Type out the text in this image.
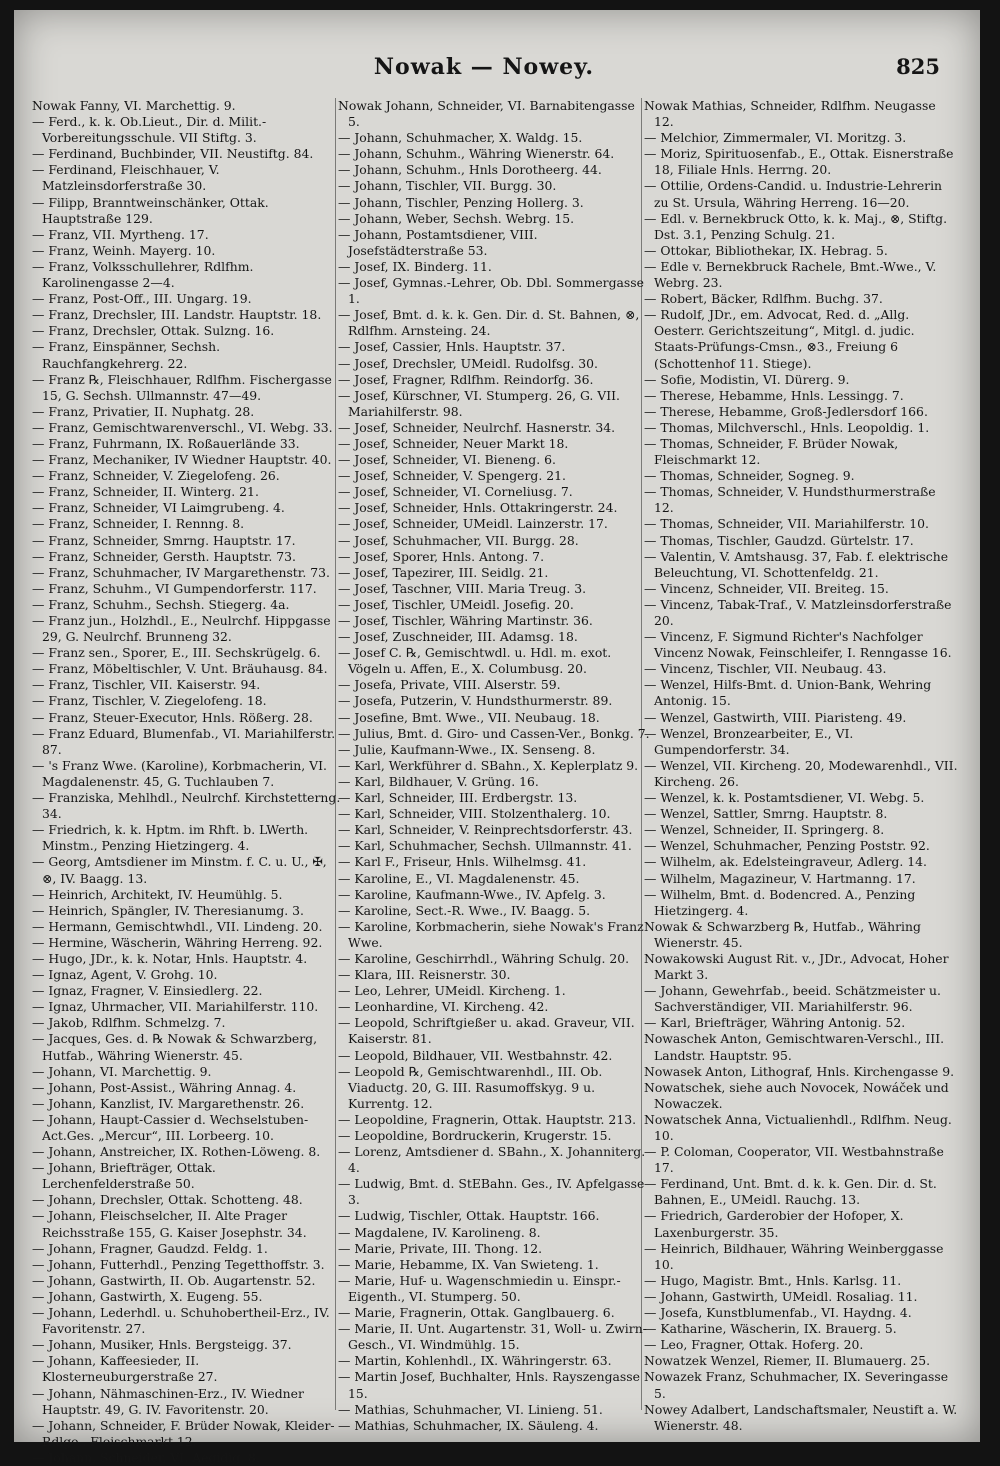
Nowak — Nowey.	825
Nowak Fanny, VI. Marchettig. 9.
— Ferd., k. k. Ob.Lieut., Dir. d. Milit.-Vorbereitungsschule. VII Stiftg. 3.
— Ferdinand, Buchbinder, VII. Neustiftg. 84.
— Ferdinand, Fleischhauer, V. Matzleinsdorferstraße 30.
— Filipp, Branntweinschänker, Ottak. Hauptstraße 129.
— Franz, VII. Myrtheng. 17.
— Franz, Weinh. Mayerg. 10.
— Franz, Volksschullehrer, Rdlfhm. Karolinengasse 2—4.
— Franz, Post-Off., III. Ungarg. 19.
— Franz, Drechsler, III. Landstr. Hauptstr. 18.
— Franz, Drechsler, Ottak. Sulzng. 16.
— Franz, Einspänner, Sechsh. Rauchfangkehrerg. 22.
— Franz ℞, Fleischhauer, Rdlfhm. Fischergasse 15, G. Sechsh. Ullmannstr. 47—49.
— Franz, Privatier, II. Nuphatg. 28.
— Franz, Gemischtwarenverschl., VI. Webg. 33.
— Franz, Fuhrmann, IX. Roßauerlände 33.
— Franz, Mechaniker, IV Wiedner Hauptstr. 40.
— Franz, Schneider, V. Ziegelofeng. 26.
— Franz, Schneider, II. Winterg. 21.
— Franz, Schneider, VI Laimgrubeng. 4.
— Franz, Schneider, I. Rennng. 8.
— Franz, Schneider, Smrng. Hauptstr. 17.
— Franz, Schneider, Gersth. Hauptstr. 73.
— Franz, Schuhmacher, IV Margarethenstr. 73.
— Franz, Schuhm., VI Gumpendorferstr. 117.
— Franz, Schuhm., Sechsh. Stiegerg. 4a.
— Franz jun., Holzhdl., E., Neulrchf. Hippgasse 29, G. Neulrchf. Brunneng 32.
— Franz sen., Sporer, E., III. Sechskrügelg. 6.
— Franz, Möbeltischler, V. Unt. Bräuhausg. 84.
— Franz, Tischler, VII. Kaiserstr. 94.
— Franz, Tischler, V. Ziegelofeng. 18.
— Franz, Steuer-Executor, Hnls. Rößerg. 28.
— Franz Eduard, Blumenfab., VI. Mariahilferstr. 87.
— 's Franz Wwe. (Karoline), Korbmacherin, VI. Magdalenenstr. 45, G. Tuchlauben 7.
— Franziska, Mehlhdl., Neulrchf. Kirchstetterng. 34.
— Friedrich, k. k. Hptm. im Rhft. b. LWerth. Minstm., Penzing Hietzingerg. 4.
— Georg, Amtsdiener im Minstm. f. C. u. U., ✠, ⊗, IV. Baagg. 13.
— Heinrich, Architekt, IV. Heumühlg. 5.
— Heinrich, Spängler, IV. Theresianumg. 3.
— Hermann, Gemischtwhdl., VII. Lindeng. 20.
— Hermine, Wäscherin, Währing Herreng. 92.
— Hugo, JDr., k. k. Notar, Hnls. Hauptstr. 4.
— Ignaz, Agent, V. Grohg. 10.
— Ignaz, Fragner, V. Einsiedlerg. 22.
— Ignaz, Uhrmacher, VII. Mariahilferstr. 110.
— Jakob, Rdlfhm. Schmelzg. 7.
— Jacques, Ges. d. ℞ Nowak & Schwarzberg, Hutfab., Währing Wienerstr. 45.
— Johann, VI. Marchettig. 9.
— Johann, Post-Assist., Währing Annag. 4.
— Johann, Kanzlist, IV. Margarethenstr. 26.
— Johann, Haupt-Cassier d. Wechselstuben-Act.Ges. „Mercur“, III. Lorbeerg. 10.
— Johann, Anstreicher, IX. Rothen-Löweng. 8.
— Johann, Briefträger, Ottak. Lerchenfelderstraße 50.
— Johann, Drechsler, Ottak. Schotteng. 48.
— Johann, Fleischselcher, II. Alte Prager Reichsstraße 155, G. Kaiser Josephstr. 34.
— Johann, Fragner, Gaudzd. Feldg. 1.
— Johann, Futterhdl., Penzing Tegetthoffstr. 3.
— Johann, Gastwirth, II. Ob. Augartenstr. 52.
— Johann, Gastwirth, X. Eugeng. 55.
— Johann, Lederhdl. u. Schuhobertheil-Erz., IV. Favoritenstr. 27.
— Johann, Musiker, Hnls. Bergsteigg. 37.
— Johann, Kaffeesieder, II. Klosterneuburgerstraße 27.
— Johann, Nähmaschinen-Erz., IV. Wiedner Hauptstr. 49, G. IV. Favoritenstr. 20.
— Johann, Schneider, F. Brüder Nowak, Kleider-Rdlge., Fleischmarkt 12.
— Johann, Schneider, VI. Aegidig. 8.
Nowak Johann, Schneider, VI. Barnabitengasse 5.
— Johann, Schuhmacher, X. Waldg. 15.
— Johann, Schuhm., Währing Wienerstr. 64.
— Johann, Schuhm., Hnls Dorotheerg. 44.
— Johann, Tischler, VII. Burgg. 30.
— Johann, Tischler, Penzing Hollerg. 3.
— Johann, Weber, Sechsh. Webrg. 15.
— Johann, Postamtsdiener, VIII. Josefstädterstraße 53.
— Josef, IX. Binderg. 11.
— Josef, Gymnas.-Lehrer, Ob. Dbl. Sommergasse 1.
— Josef, Bmt. d. k. k. Gen. Dir. d. St. Bahnen, ⊗, Rdlfhm. Arnsteing. 24.
— Josef, Cassier, Hnls. Hauptstr. 37.
— Josef, Drechsler, UMeidl. Rudolfsg. 30.
— Josef, Fragner, Rdlfhm. Reindorfg. 36.
— Josef, Kürschner, VI. Stumperg. 26, G. VII. Mariahilferstr. 98.
— Josef, Schneider, Neulrchf. Hasnerstr. 34.
— Josef, Schneider, Neuer Markt 18.
— Josef, Schneider, VI. Bieneng. 6.
— Josef, Schneider, V. Spengerg. 21.
— Josef, Schneider, VI. Corneliusg. 7.
— Josef, Schneider, Hnls. Ottakringerstr. 24.
— Josef, Schneider, UMeidl. Lainzerstr. 17.
— Josef, Schuhmacher, VII. Burgg. 28.
— Josef, Sporer, Hnls. Antong. 7.
— Josef, Tapezirer, III. Seidlg. 21.
— Josef, Taschner, VIII. Maria Treug. 3.
— Josef, Tischler, UMeidl. Josefig. 20.
— Josef, Tischler, Währing Martinstr. 36.
— Josef, Zuschneider, III. Adamsg. 18.
— Josef C. ℞, Gemischtwdl. u. Hdl. m. exot. Vögeln u. Affen, E., X. Columbusg. 20.
— Josefa, Private, VIII. Alserstr. 59.
— Josefa, Putzerin, V. Hundsthurmerstr. 89.
— Josefine, Bmt. Wwe., VII. Neubaug. 18.
— Julius, Bmt. d. Giro- und Cassen-Ver., Bonkg. 7.
— Julie, Kaufmann-Wwe., IX. Senseng. 8.
— Karl, Werkführer d. SBahn., X. Keplerplatz 9.
— Karl, Bildhauer, V. Grüng. 16.
— Karl, Schneider, III. Erdbergstr. 13.
— Karl, Schneider, VIII. Stolzenthalerg. 10.
— Karl, Schneider, V. Reinprechtsdorferstr. 43.
— Karl, Schuhmacher, Sechsh. Ullmannstr. 41.
— Karl F., Friseur, Hnls. Wilhelmsg. 41.
— Karoline, E., VI. Magdalenenstr. 45.
— Karoline, Kaufmann-Wwe., IV. Apfelg. 3.
— Karoline, Sect.-R. Wwe., IV. Baagg. 5.
— Karoline, Korbmacherin, siehe Nowak's Franz Wwe.
— Karoline, Geschirrhdl., Währing Schulg. 20.
— Klara, III. Reisnerstr. 30.
— Leo, Lehrer, UMeidl. Kircheng. 1.
— Leonhardine, VI. Kircheng. 42.
— Leopold, Schriftgießer u. akad. Graveur, VII. Kaiserstr. 81.
— Leopold, Bildhauer, VII. Westbahnstr. 42.
— Leopold ℞, Gemischtwarenhdl., III. Ob. Viaductg. 20, G. III. Rasumoffskyg. 9 u. Kurrentg. 12.
— Leopoldine, Fragnerin, Ottak. Hauptstr. 213.
— Leopoldine, Bordruckerin, Krugerstr. 15.
— Lorenz, Amtsdiener d. SBahn., X. Johanniterg. 4.
— Ludwig, Bmt. d. StEBahn. Ges., IV. Apfelgasse 3.
— Ludwig, Tischler, Ottak. Hauptstr. 166.
— Magdalene, IV. Karolineng. 8.
— Marie, Private, III. Thong. 12.
— Marie, Hebamme, IX. Van Swieteng. 1.
— Marie, Huf- u. Wagenschmiedin u. Einspr.-Eigenth., VI. Stumperg. 50.
— Marie, Fragnerin, Ottak. Ganglbauerg. 6.
— Marie, II. Unt. Augartenstr. 31, Woll- u. Zwirn-Gesch., VI. Windmühlg. 15.
— Martin, Kohlenhdl., IX. Währingerstr. 63.
— Martin Josef, Buchhalter, Hnls. Rayszengasse 15.
— Mathias, Schuhmacher, VI. Linieng. 51.
— Mathias, Schuhmacher, IX. Säuleng. 4.
Nowak Mathias, Schneider, Rdlfhm. Neugasse 12.
— Melchior, Zimmermaler, VI. Moritzg. 3.
— Moriz, Spirituosenfab., E., Ottak. Eisnerstraße 18, Filiale Hnls. Herrng. 20.
— Ottilie, Ordens-Candid. u. Industrie-Lehrerin zu St. Ursula, Währing Herreng. 16—20.
— Edl. v. Bernekbruck Otto, k. k. Maj., ⊗, Stiftg. Dst. 3.1, Penzing Schulg. 21.
— Ottokar, Bibliothekar, IX. Hebrag. 5.
— Edle v. Bernekbruck Rachele, Bmt.-Wwe., V. Webrg. 23.
— Robert, Bäcker, Rdlfhm. Buchg. 37.
— Rudolf, JDr., em. Advocat, Red. d. „Allg. Oesterr. Gerichtszeitung“, Mitgl. d. judic. Staats-Prüfungs-Cmsn., ⊗3., Freiung 6 (Schottenhof 11. Stiege).
— Sofie, Modistin, VI. Dürerg. 9.
— Therese, Hebamme, Hnls. Lessingg. 7.
— Therese, Hebamme, Groß-Jedlersdorf 166.
— Thomas, Milchverschl., Hnls. Leopoldig. 1.
— Thomas, Schneider, F. Brüder Nowak, Fleischmarkt 12.
— Thomas, Schneider, Sogneg. 9.
— Thomas, Schneider, V. Hundsthurmerstraße 12.
— Thomas, Schneider, VII. Mariahilferstr. 10.
— Thomas, Tischler, Gaudzd. Gürtelstr. 17.
— Valentin, V. Amtshausg. 37, Fab. f. elektrische Beleuchtung, VI. Schottenfeldg. 21.
— Vincenz, Schneider, VII. Breiteg. 15.
— Vincenz, Tabak-Traf., V. Matzleinsdorferstraße 20.
— Vincenz, F. Sigmund Richter's Nachfolger Vincenz Nowak, Feinschleifer, I. Renngasse 16.
— Vincenz, Tischler, VII. Neubaug. 43.
— Wenzel, Hilfs-Bmt. d. Union-Bank, Wehring Antonig. 15.
— Wenzel, Gastwirth, VIII. Piaristeng. 49.
— Wenzel, Bronzearbeiter, E., VI. Gumpendorferstr. 34.
— Wenzel, VII. Kircheng. 20, Modewarenhdl., VII. Kircheng. 26.
— Wenzel, k. k. Postamtsdiener, VI. Webg. 5.
— Wenzel, Sattler, Smrng. Hauptstr. 8.
— Wenzel, Schneider, II. Springerg. 8.
— Wenzel, Schuhmacher, Penzing Poststr. 92.
— Wilhelm, ak. Edelsteingraveur, Adlerg. 14.
— Wilhelm, Magazineur, V. Hartmanng. 17.
— Wilhelm, Bmt. d. Bodencred. A., Penzing Hietzingerg. 4.
Nowak & Schwarzberg ℞, Hutfab., Währing Wienerstr. 45.
Nowakowski August Rit. v., JDr., Advocat, Hoher Markt 3.
— Johann, Gewehrfab., beeid. Schätzmeister u. Sachverständiger, VII. Mariahilferstr. 96.
— Karl, Briefträger, Währing Antonig. 52.
Nowaschek Anton, Gemischtwaren-Verschl., III. Landstr. Hauptstr. 95.
Nowasek Anton, Lithograf, Hnls. Kirchengasse 9.
Nowatschek, siehe auch Novocek, Nowáček und Nowaczek.
Nowatschek Anna, Victualienhdl., Rdlfhm. Neug. 10.
— P. Coloman, Cooperator, VII. Westbahnstraße 17.
— Ferdinand, Unt. Bmt. d. k. k. Gen. Dir. d. St. Bahnen, E., UMeidl. Rauchg. 13.
— Friedrich, Garderobier der Hofoper, X. Laxenburgerstr. 35.
— Heinrich, Bildhauer, Währing Weinberggasse 10.
— Hugo, Magistr. Bmt., Hnls. Karlsg. 11.
— Johann, Gastwirth, UMeidl. Rosaliag. 11.
— Josefa, Kunstblumenfab., VI. Haydng. 4.
— Katharine, Wäscherin, IX. Brauerg. 5.
— Leo, Fragner, Ottak. Hoferg. 20.
Nowatzek Wenzel, Riemer, II. Blumauerg. 25.
Nowazek Franz, Schuhmacher, IX. Severingasse 5.
Nowey Adalbert, Landschaftsmaler, Neustift a. W. Wienerstr. 48.
